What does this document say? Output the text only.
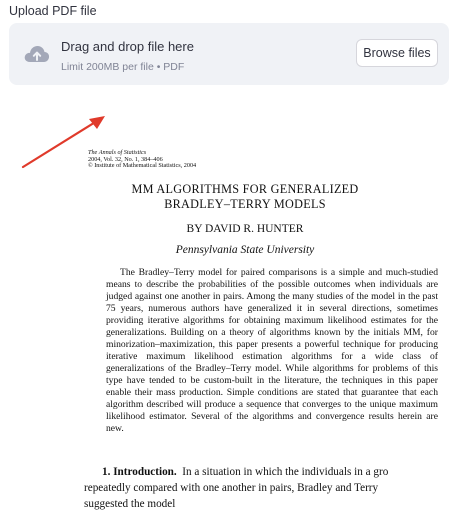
Upload PDF file
Drag and drop file here
Limit 200MB per file • PDF
Browse files
The Annals of Statistics
2004, Vol. 32, No. 1, 384–406
© Institute of Mathematical Statistics, 2004
MM ALGORITHMS FOR GENERALIZED
BRADLEY–TERRY MODELS
BY DAVID R. HUNTER
Pennsylvania State University
The Bradley–Terry model for paired comparisons is a simple and much-studied means to describe the probabilities of the possible outcomes when individuals are judged against one another in pairs. Among the many studies of the model in the past 75 years, numerous authors have generalized it in several directions, sometimes providing iterative algorithms for obtaining maximum likelihood estimates for the generalizations. Building on a theory of algorithms known by the initials MM, for minorization–maximization, this paper presents a powerful technique for producing iterative maximum likelihood estimation algorithms for a wide class of generalizations of the Bradley–Terry model. While algorithms for problems of this type have tended to be custom-built in the literature, the techniques in this paper enable their mass production. Simple conditions are stated that guarantee that each algorithm described will produce a sequence that converges to the unique maximum likelihood estimator. Several of the algorithms and convergence results herein are new.
1. Introduction. In a situation in which the individuals in a gro
repeatedly compared with one another in pairs, Bradley and Terry
suggested the model
